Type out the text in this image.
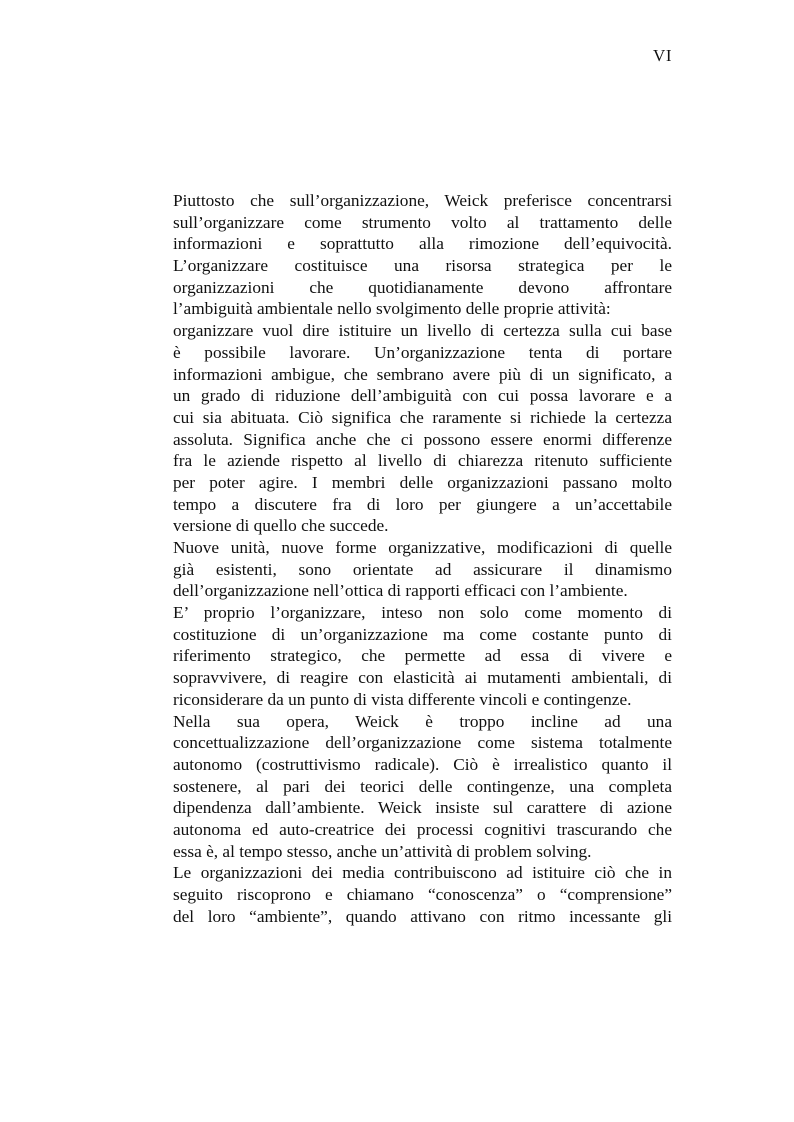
VI
Piuttosto che sull’organizzazione, Weick preferisce concentrarsi
sull’organizzare come strumento volto al trattamento delle
informazioni e soprattutto alla rimozione dell’equivocità.
L’organizzare costituisce una risorsa strategica per le
organizzazioni che quotidianamente devono affrontare
l’ambiguità ambientale nello svolgimento delle proprie attività:
organizzare vuol dire istituire un livello di certezza sulla cui base
è possibile lavorare. Un’organizzazione tenta di portare
informazioni ambigue, che sembrano avere più di un significato, a
un grado di riduzione dell’ambiguità con cui possa lavorare e a
cui sia abituata. Ciò significa che raramente si richiede la certezza
assoluta. Significa anche che ci possono essere enormi differenze
fra le aziende rispetto al livello di chiarezza ritenuto sufficiente
per poter agire. I membri delle organizzazioni passano molto
tempo a discutere fra di loro per giungere a un’accettabile
versione di quello che succede.
Nuove unità, nuove forme organizzative, modificazioni di quelle
già esistenti, sono orientate ad assicurare il dinamismo
dell’organizzazione nell’ottica di rapporti efficaci con l’ambiente.
E’ proprio l’organizzare, inteso non solo come momento di
costituzione di un’organizzazione ma come costante punto di
riferimento strategico, che permette ad essa di vivere e
sopravvivere, di reagire con elasticità ai mutamenti ambientali, di
riconsiderare da un punto di vista differente vincoli e contingenze.
Nella sua opera, Weick è troppo incline ad una
concettualizzazione dell’organizzazione come sistema totalmente
autonomo (costruttivismo radicale). Ciò è irrealistico quanto il
sostenere, al pari dei teorici delle contingenze, una completa
dipendenza dall’ambiente. Weick insiste sul carattere di azione
autonoma ed auto-creatrice dei processi cognitivi trascurando che
essa è, al tempo stesso, anche un’attività di problem solving.
Le organizzazioni dei media contribuiscono ad istituire ciò che in
seguito riscoprono e chiamano “conoscenza” o “comprensione”
del loro “ambiente”, quando attivano con ritmo incessante gli
